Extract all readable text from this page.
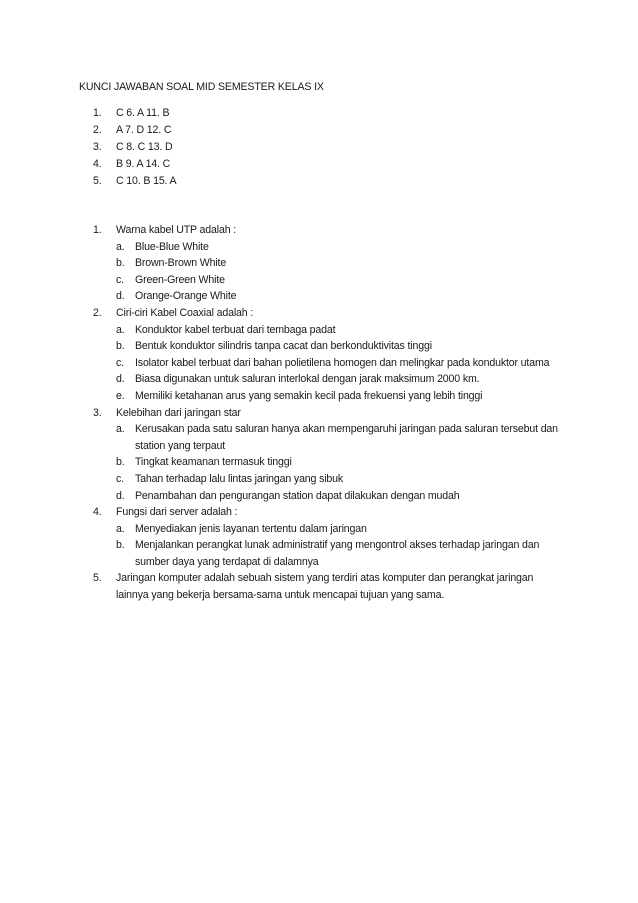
KUNCI JAWABAN SOAL MID SEMESTER KELAS IX
1.	C 6. A 11. B
2.	A 7. D 12. C
3.	C 8. C 13. D
4.	B 9. A 14. C
5.	C 10. B 15. A
1.	Warna kabel UTP adalah :
a. Blue-Blue White
b. Brown-Brown White
c.	Green-Green White
d. Orange-Orange White
2.	Ciri-ciri Kabel Coaxial adalah :
a. Konduktor kabel terbuat dari tembaga padat
b. Bentuk konduktor silindris tanpa cacat dan berkonduktivitas tinggi
c.	Isolator kabel terbuat dari bahan polietilena homogen dan melingkar pada konduktor utama
d. Biasa digunakan untuk saluran interlokal dengan jarak maksimum 2000 km.
e. Memiliki ketahanan arus yang semakin kecil pada frekuensi yang lebih tinggi
3.	Kelebihan dari jaringan star
a. Kerusakan pada satu saluran hanya akan mempengaruhi jaringan pada saluran tersebut dan station yang terpaut
b. Tingkat keamanan termasuk tinggi
c.	Tahan terhadap lalu lintas jaringan yang sibuk
d. Penambahan dan pengurangan station dapat dilakukan dengan mudah
4.	Fungsi dari server adalah :
a. Menyediakan jenis layanan tertentu dalam jaringan
b. Menjalankan perangkat lunak administratif yang mengontrol akses terhadap jaringan dan sumber daya yang terdapat di dalamnya
5.	Jaringan komputer adalah sebuah sistem yang terdiri atas komputer dan perangkat jaringan lainnya yang bekerja bersama-sama untuk mencapai tujuan yang sama.
